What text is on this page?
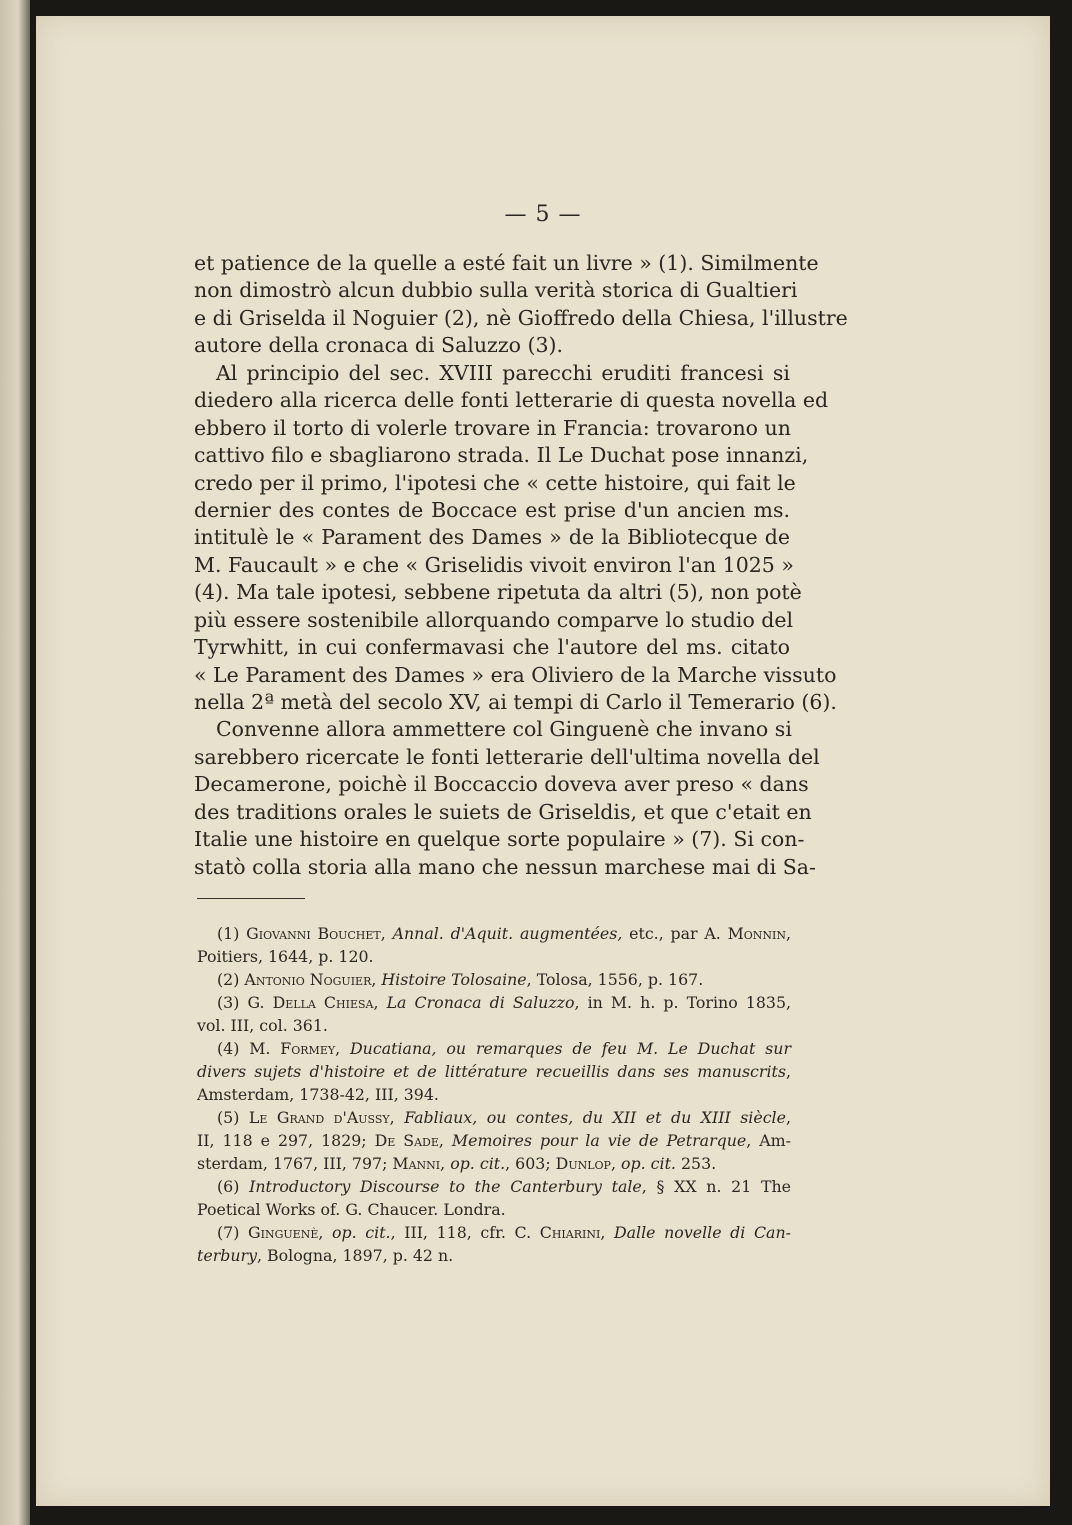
— 5 —
et patience de la quelle a esté fait un livre » (1). Similmente
non dimostrò alcun dubbio sulla verità storica di Gualtieri
e di Griselda il Noguier (2), nè Gioffredo della Chiesa, l'illustre
autore della cronaca di Saluzzo (3).
Al principio del sec. XVIII parecchi eruditi francesi si
diedero alla ricerca delle fonti letterarie di questa novella ed
ebbero il torto di volerle trovare in Francia: trovarono un
cattivo filo e sbagliarono strada. Il Le Duchat pose innanzi,
credo per il primo, l'ipotesi che « cette histoire, qui fait le
dernier des contes de Boccace est prise d'un ancien ms.
intitulè le « Parament des Dames » de la Bibliotecque de
M. Faucault » e che « Griselidis vivoit environ l'an 1025 »
(4). Ma tale ipotesi, sebbene ripetuta da altri (5), non potè
più essere sostenibile allorquando comparve lo studio del
Tyrwhitt, in cui confermavasi che l'autore del ms. citato
« Le Parament des Dames » era Oliviero de la Marche vissuto
nella 2ª metà del secolo XV, ai tempi di Carlo il Temerario (6).
Convenne allora ammettere col Ginguenè che invano si
sarebbero ricercate le fonti letterarie dell'ultima novella del
Decamerone, poichè il Boccaccio doveva aver preso « dans
des traditions orales le suiets de Griseldis, et que c'etait en
Italie une histoire en quelque sorte populaire » (7). Si con-
statò colla storia alla mano che nessun marchese mai di Sa-
(1) Giovanni Bouchet, Annal. d'Aquit. augmentées, etc., par A. Monnin,
Poitiers, 1644, p. 120.
(2) Antonio Noguier, Histoire Tolosaine, Tolosa, 1556, p. 167.
(3) G. Della Chiesa, La Cronaca di Saluzzo, in M. h. p. Torino 1835,
vol. III, col. 361.
(4) M. Formey, Ducatiana, ou remarques de feu M. Le Duchat sur
divers sujets d'histoire et de littérature recueillis dans ses manuscrits,
Amsterdam, 1738-42, III, 394.
(5) Le Grand d'Aussy, Fabliaux, ou contes, du XII et du XIII siècle,
II, 118 e 297, 1829; De Sade, Memoires pour la vie de Petrarque, Am-
sterdam, 1767, III, 797; Manni, op. cit., 603; Dunlop, op. cit. 253.
(6) Introductory Discourse to the Canterbury tale, § XX n. 21 The
Poetical Works of. G. Chaucer. Londra.
(7) Ginguenè, op. cit., III, 118, cfr. C. Chiarini, Dalle novelle di Can-
terbury, Bologna, 1897, p. 42 n.
